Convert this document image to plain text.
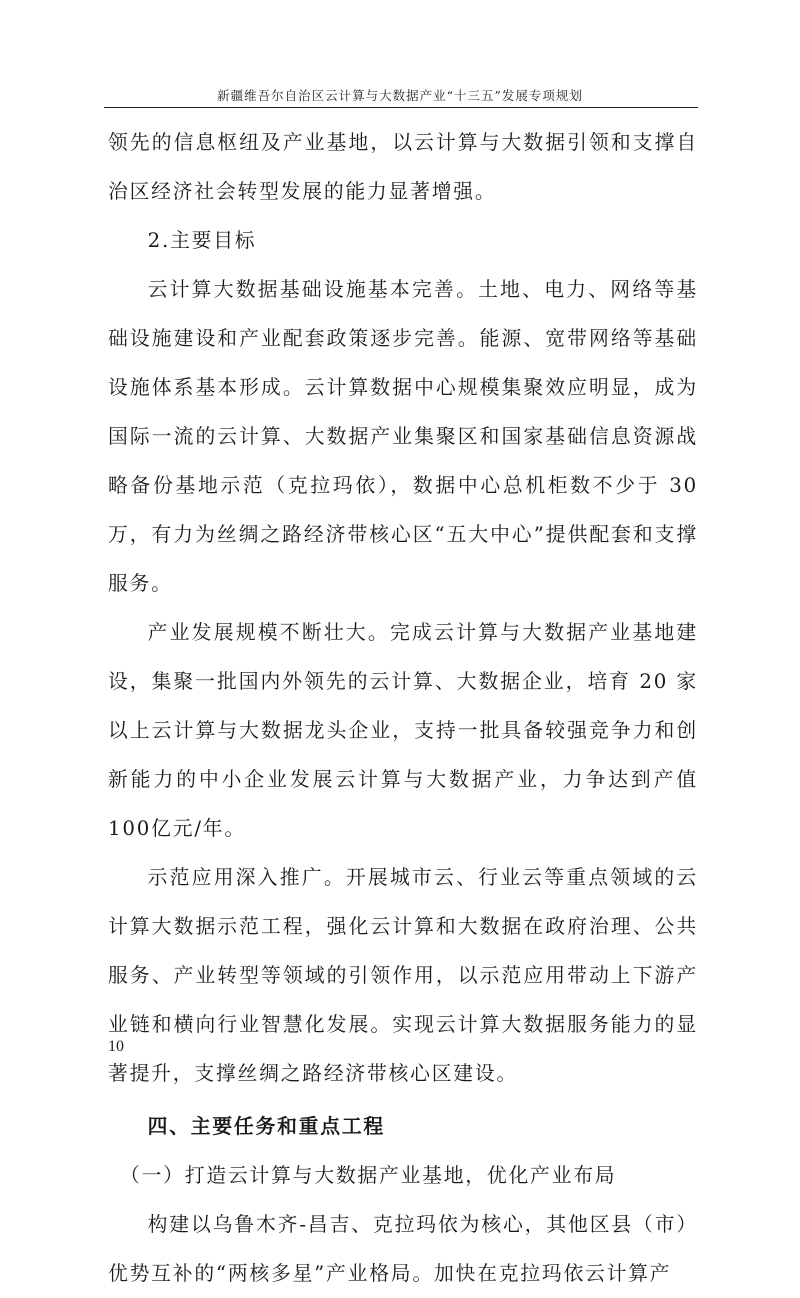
新疆维吾尔自治区云计算与大数据产业“十三五”发展专项规划

领先的信息枢纽及产业基地，以云计算与大数据引领和支撑自治区经济社会转型发展的能力显著增强。

2.主要目标

云计算大数据基础设施基本完善。土地、电力、网络等基础设施建设和产业配套政策逐步完善。能源、宽带网络等基础设施体系基本形成。云计算数据中心规模集聚效应明显，成为国际一流的云计算、大数据产业集聚区和国家基础信息资源战略备份基地示范（克拉玛依），数据中心总机柜数不少于 30 万，有力为丝绸之路经济带核心区“五大中心”提供配套和支撑服务。

产业发展规模不断壮大。完成云计算与大数据产业基地建设，集聚一批国内外领先的云计算、大数据企业，培育 20 家以上云计算与大数据龙头企业，支持一批具备较强竞争力和创新能力的中小企业发展云计算与大数据产业，力争达到产值 100亿元/年。

示范应用深入推广。开展城市云、行业云等重点领域的云计算大数据示范工程，强化云计算和大数据在政府治理、公共服务、产业转型等领域的引领作用，以示范应用带动上下游产业链和横向行业智慧化发展。实现云计算大数据服务能力的显著提升，支撑丝绸之路经济带核心区建设。

四、主要任务和重点工程

（一）打造云计算与大数据产业基地，优化产业布局

构建以乌鲁木齐-昌吉、克拉玛依为核心，其他区县（市）优势互补的“两核多星”产业格局。加快在克拉玛依云计算产

10
